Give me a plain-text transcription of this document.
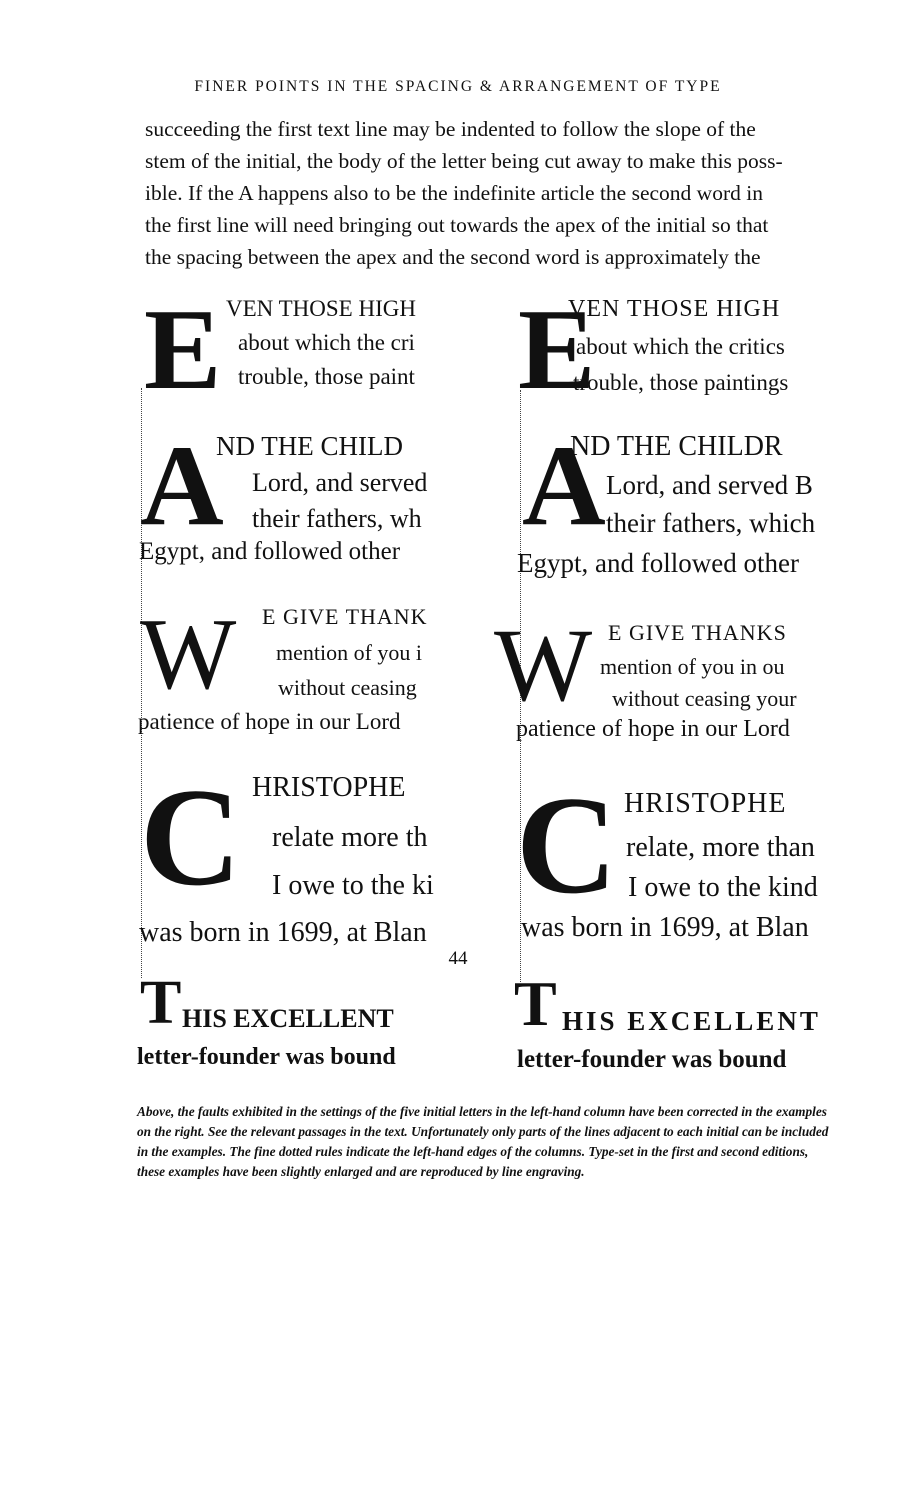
FINER POINTS IN THE SPACING & ARRANGEMENT OF TYPE
succeeding the first text line may be indented to follow the slope of the
stem of the initial, the body of the letter being cut away to make this poss-
ible. If the A happens also to be the indefinite article the second word in
the first line will need bringing out towards the apex of the initial so that
the spacing between the apex and the second word is approximately the
E VEN THOSE HIGH
about which the cri
trouble, those paint
A
ND THE CHILD
Lord, and served
their fathers, wh
Egypt, and followed other
W E GIVE THANK
mention of you i
without ceasing
patience of hope in our Lord
C HRISTOPHE
relate more th
I owe to the ki
was born in 1699, at Blan
T HIS EXCELLENT
letter-founder was bound
E
VEN THOSE HIGH
about which the critics
trouble, those paintings
A
ND THE CHILDR
Lord, and served B
their fathers, which
Egypt, and followed other
W E GIVE THANKS
mention of you in ou
without ceasing your
patience of hope in our Lord
C HRISTOPHE
relate, more than
I owe to the kind
was born in 1699, at Blan
T HIS EXCELLENT
letter-founder was bound
Above, the faults exhibited in the settings of the five initial letters in the left-hand column have been corrected in the examples on the right. See the relevant passages in the text. Unfortunately only parts of the lines adjacent to each initial can be included in the examples. The fine dotted rules indicate the left-hand edges of the columns. Type-set in the first and second editions, these examples have been slightly enlarged and are reproduced by line engraving.
44
